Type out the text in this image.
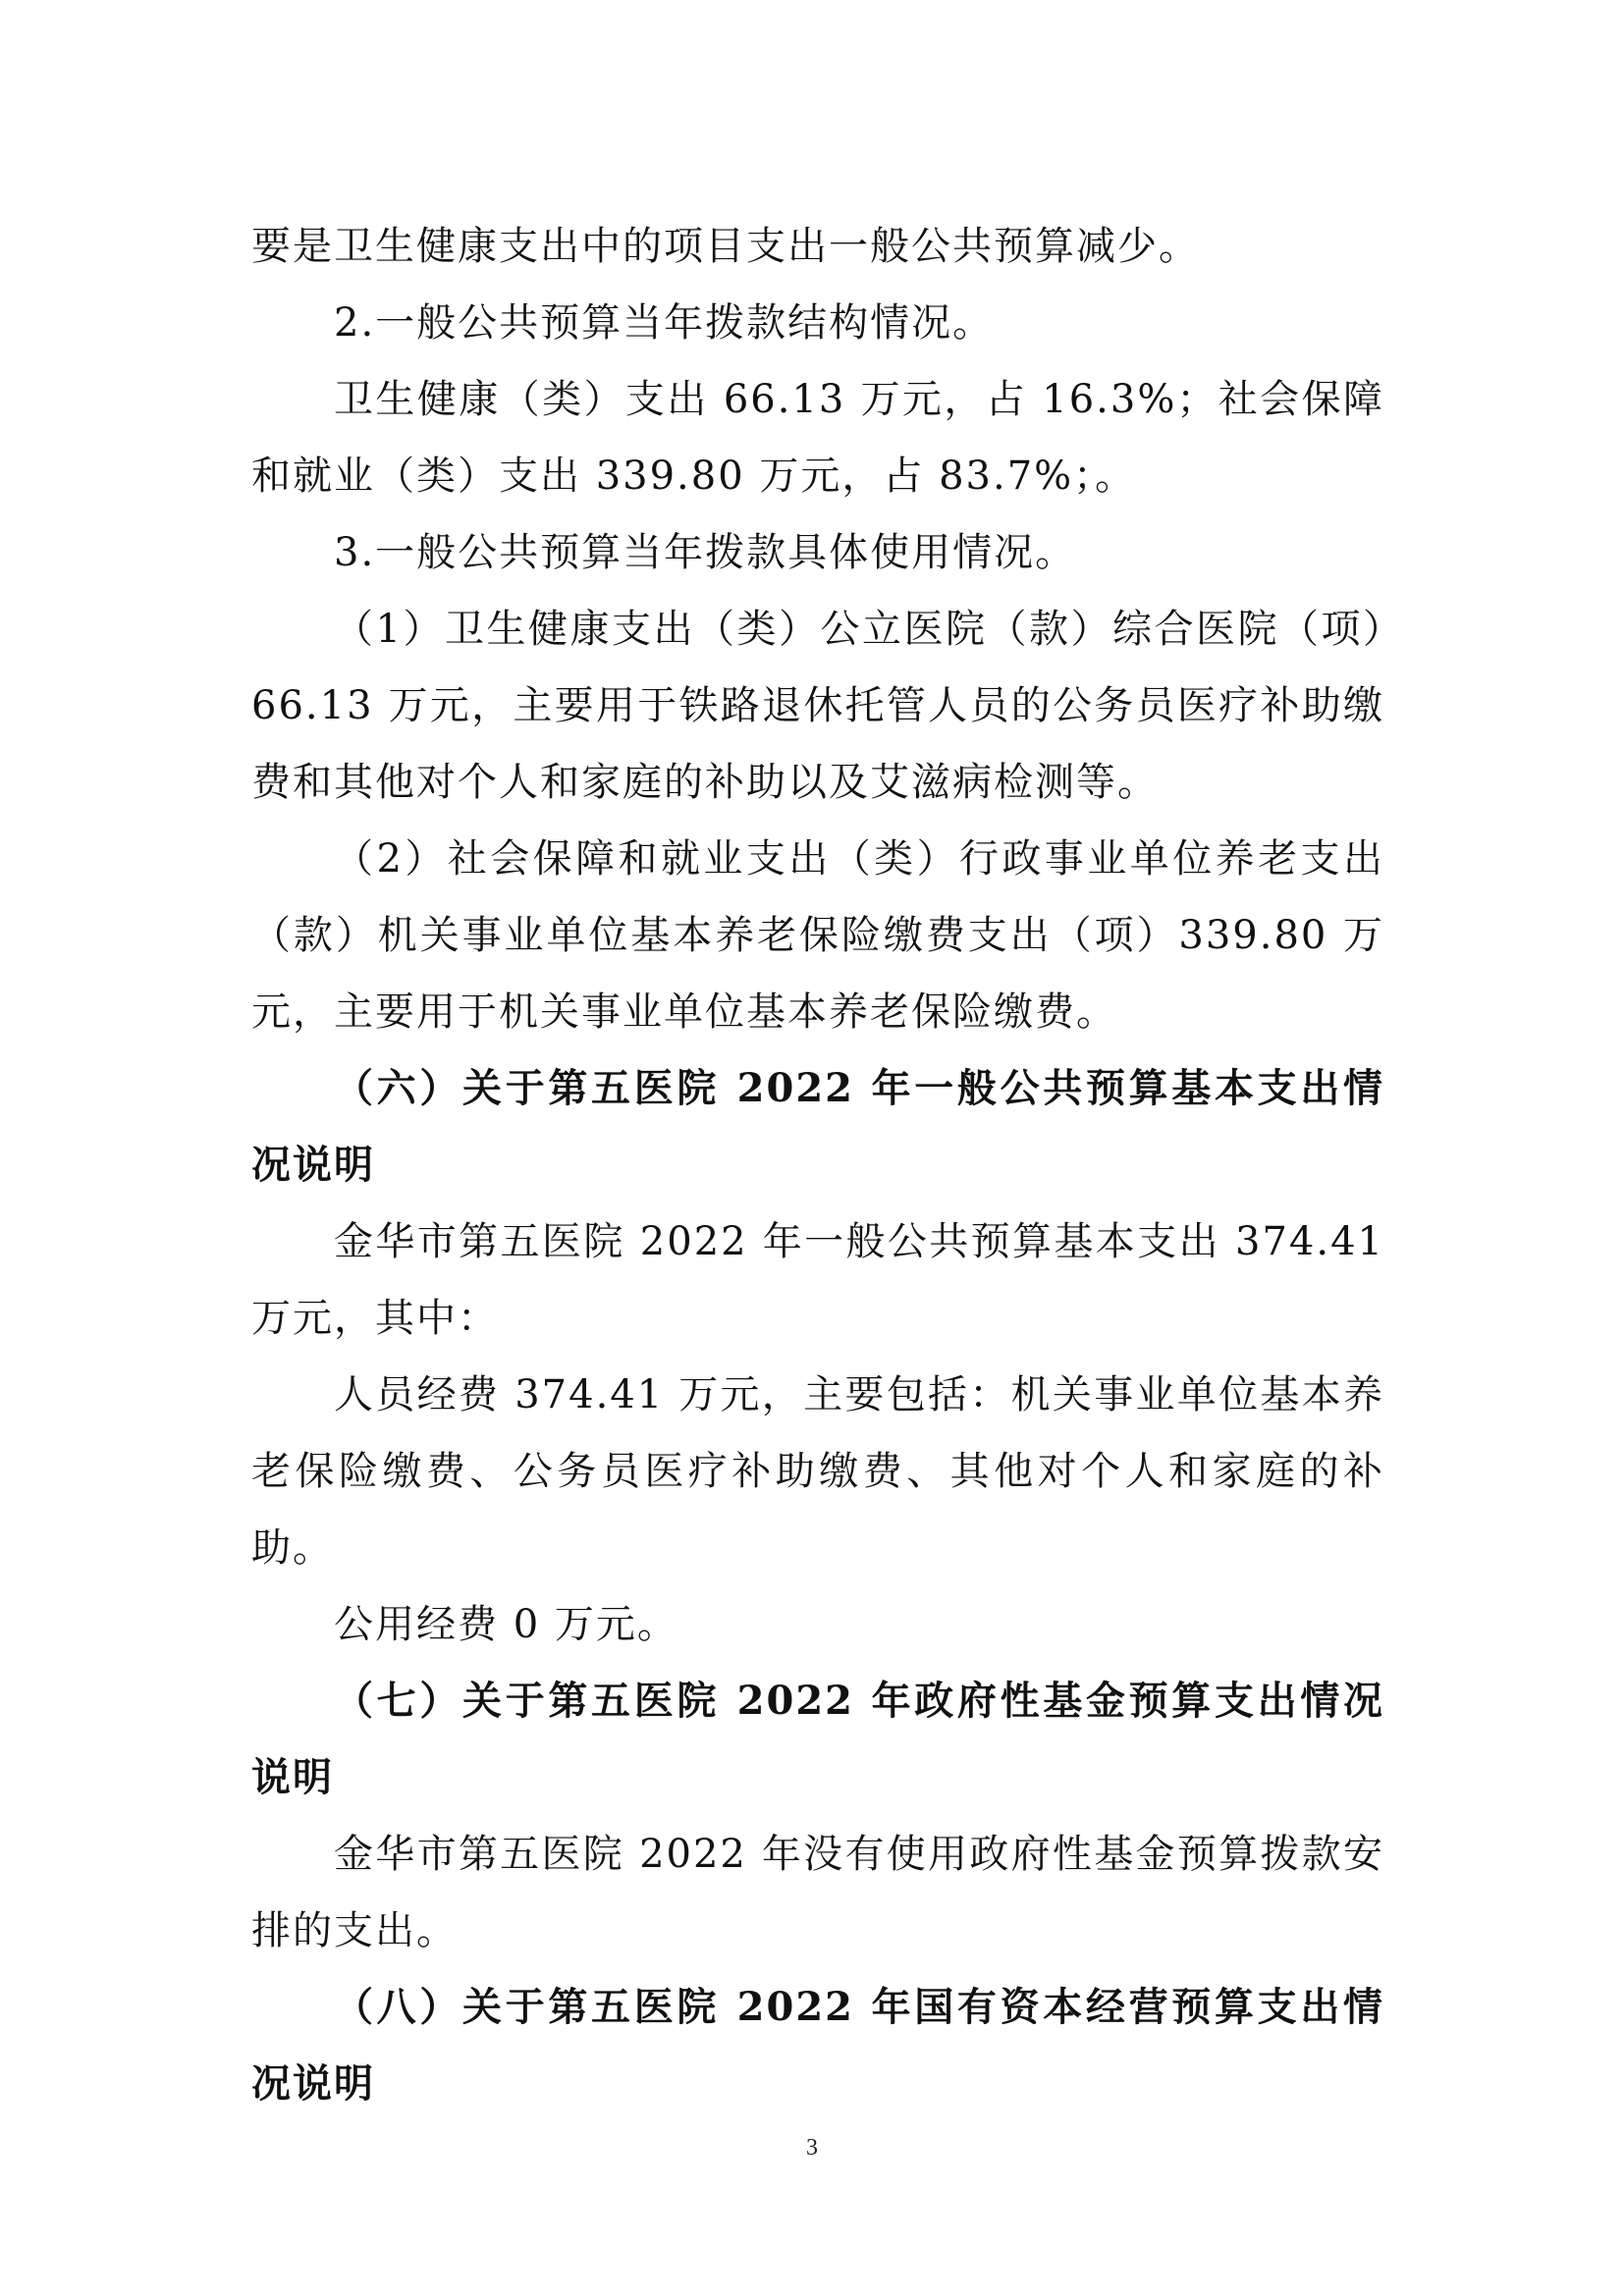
要是卫生健康支出中的项目支出一般公共预算减少。

2.一般公共预算当年拨款结构情况。

卫生健康（类）支出 66.13 万元，占 16.3%；社会保障和就业（类）支出 339.80 万元，占 83.7%；。

3.一般公共预算当年拨款具体使用情况。

（1）卫生健康支出（类）公立医院（款）综合医院（项）66.13 万元，主要用于铁路退休托管人员的公务员医疗补助缴费和其他对个人和家庭的补助以及艾滋病检测等。

（2）社会保障和就业支出（类）行政事业单位养老支出（款）机关事业单位基本养老保险缴费支出（项）339.80 万元，主要用于机关事业单位基本养老保险缴费。

（六）关于第五医院 2022 年一般公共预算基本支出情况说明

金华市第五医院 2022 年一般公共预算基本支出 374.41 万元，其中：

人员经费 374.41 万元，主要包括：机关事业单位基本养老保险缴费、公务员医疗补助缴费、其他对个人和家庭的补助。

公用经费 0 万元。

（七）关于第五医院 2022 年政府性基金预算支出情况说明

金华市第五医院 2022 年没有使用政府性基金预算拨款安排的支出。

（八）关于第五医院 2022 年国有资本经营预算支出情况说明

3
